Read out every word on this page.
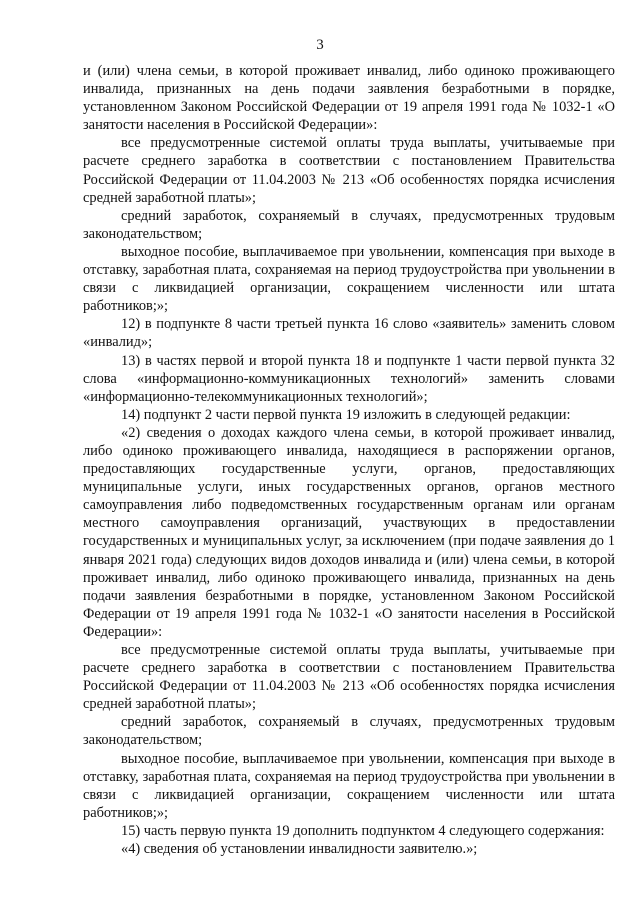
3

и (или) члена семьи, в которой проживает инвалид, либо одиноко проживающего инвалида, признанных на день подачи заявления безработными в порядке, установленном Законом Российской Федерации от 19 апреля 1991 года № 1032-1 «О занятости населения в Российской Федерации»:

все предусмотренные системой оплаты труда выплаты, учитываемые при расчете среднего заработка в соответствии с постановлением Правительства Российской Федерации от 11.04.2003 № 213 «Об особенностях порядка исчисления средней заработной платы»;

средний заработок, сохраняемый в случаях, предусмотренных трудовым законодательством;

выходное пособие, выплачиваемое при увольнении, компенсация при выходе в отставку, заработная плата, сохраняемая на период трудоустройства при увольнении в связи с ликвидацией организации, сокращением численности или штата работников;»;

12) в подпункте 8 части третьей пункта 16 слово «заявитель» заменить словом «инвалид»;

13) в частях первой и второй пункта 18 и подпункте 1 части первой пункта 32 слова «информационно-коммуникационных технологий» заменить словами «информационно-телекоммуникационных технологий»;

14) подпункт 2 части первой пункта 19 изложить в следующей редакции:

«2) сведения о доходах каждого члена семьи, в которой проживает инвалид, либо одиноко проживающего инвалида, находящиеся в распоряжении органов, предоставляющих государственные услуги, органов, предоставляющих муниципальные услуги, иных государственных органов, органов местного самоуправления либо подведомственных государственным органам или органам местного самоуправления организаций, участвующих в предоставлении государственных и муниципальных услуг, за исключением (при подаче заявления до 1 января 2021 года) следующих видов доходов инвалида и (или) члена семьи, в которой проживает инвалид, либо одиноко проживающего инвалида, признанных на день подачи заявления безработными в порядке, установленном Законом Российской Федерации от 19 апреля 1991 года № 1032-1 «О занятости населения в Российской Федерации»:

все предусмотренные системой оплаты труда выплаты, учитываемые при расчете среднего заработка в соответствии с постановлением Правительства Российской Федерации от 11.04.2003 № 213 «Об особенностях порядка исчисления средней заработной платы»;

средний заработок, сохраняемый в случаях, предусмотренных трудовым законодательством;

выходное пособие, выплачиваемое при увольнении, компенсация при выходе в отставку, заработная плата, сохраняемая на период трудоустройства при увольнении в связи с ликвидацией организации, сокращением численности или штата работников;»;

15) часть первую пункта 19 дополнить подпунктом 4 следующего содержания:

«4) сведения об установлении инвалидности заявителю.»;
